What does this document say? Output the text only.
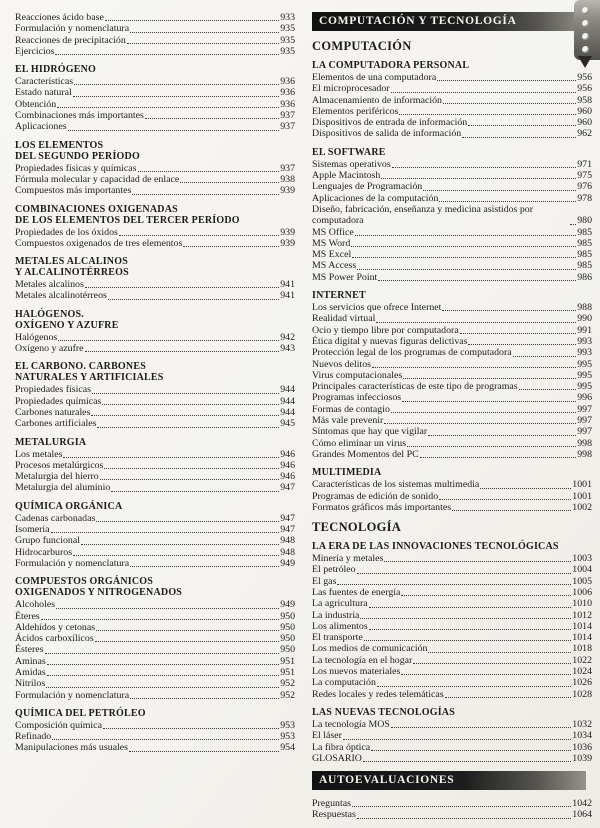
Reacciones ácido base	933
Formulación y nomenclatura	935
Reacciones de precipitación	935
Ejercicios	935
EL HIDRÓGENO
Características	936
Estado natural	936
Obtención	936
Combinaciones más importantes	937
Aplicaciones	937
LOS ELEMENTOS
DEL SEGUNDO PERÍODO
Propiedades físicas y químicas	937
Fórmula molecular y capacidad de enlace	938
Compuestos más importantes	939
COMBINACIONES OXIGENADAS
DE LOS ELEMENTOS DEL TERCER PERÍODO
Propiedades de los óxidos	939
Compuestos oxigenados de tres elementos	939
METALES ALCALINOS
Y ALCALINOTÉRREOS
Metales alcalinos	941
Metales alcalinotérreos	941
HALÓGENOS.
OXÍGENO Y AZUFRE
Halógenos	942
Oxígeno y azufre	943
EL CARBONO. CARBONES
NATURALES Y ARTIFICIALES
Propiedades físicas	944
Propiedades químicas	944
Carbones naturales	944
Carbones artificiales	945
METALURGIA
Los metales	946
Procesos metalúrgicos	946
Metalurgia del hierro	946
Metalurgia del aluminio	947
QUÍMICA ORGÁNICA
Cadenas carbonadas	947
Isomería	947
Grupo funcional	948
Hidrocarburos	948
Formulación y nomenclatura	949
COMPUESTOS ORGÁNICOS
OXIGENADOS Y NITROGENADOS
Alcoholes	949
Éteres	950
Aldehídos y cetonas	950
Ácidos carboxílicos	950
Ésteres	950
Aminas	951
Amidas	951
Nitrilos	952
Formulación y nomenclatura	952
QUÍMICA DEL PETRÓLEO
Composición química	953
Refinado	953
Manipulaciones más usuales	954
COMPUTACIÓN Y TECNOLOGÍA
COMPUTACIÓN
LA COMPUTADORA PERSONAL
Elementos de una computadora	956
El microprocesador	956
Almacenamiento de información	958
Elementos periféricos	960
Dispositivos de entrada de información	960
Dispositivos de salida de información	962
EL SOFTWARE
Sistemas operativos	971
Apple Macintosh	975
Lenguajes de Programación	976
Aplicaciones de la computación	978
Diseño, fabricación, enseñanza y medicina asistidos por computadora	980
MS Office	985
MS Word	985
MS Excel	985
MS Access	985
MS Power Point	986
INTERNET
Los servicios que ofrece Internet	988
Realidad virtual	990
Ocio y tiempo libre por computadora	991
Ética digital y nuevas figuras delictivas	993
Protección legal de los programas de computadora	993
Nuevos delitos	995
Virus computacionales	995
Principales características de este tipo de programas	995
Programas infecciosos	996
Formas de contagio	997
Más vale prevenir	997
Síntomas que hay que vigilar	997
Cómo eliminar un virus	998
Grandes Momentos del PC	998
MULTIMEDIA
Características de los sistemas multimedia	1001
Programas de edición de sonido	1001
Formatos gráficos más importantes	1002
TECNOLOGÍA
LA ERA DE LAS INNOVACIONES TECNOLÓGICAS
Minería y metales	1003
El petróleo	1004
El gas	1005
Las fuentes de energía	1006
La agricultura	1010
La industria	1012
Los alimentos	1014
El transporte	1014
Los medios de comunicación	1018
La tecnología en el hogar	1022
Los nuevos materiales	1024
La computación	1026
Redes locales y redes telemáticas	1028
LAS NUEVAS TECNOLOGÍAS
La tecnología MOS	1032
El láser	1034
La fibra óptica	1036
GLOSARIO	1039
AUTOEVALUACIONES
Preguntas	1042
Respuestas	1064
